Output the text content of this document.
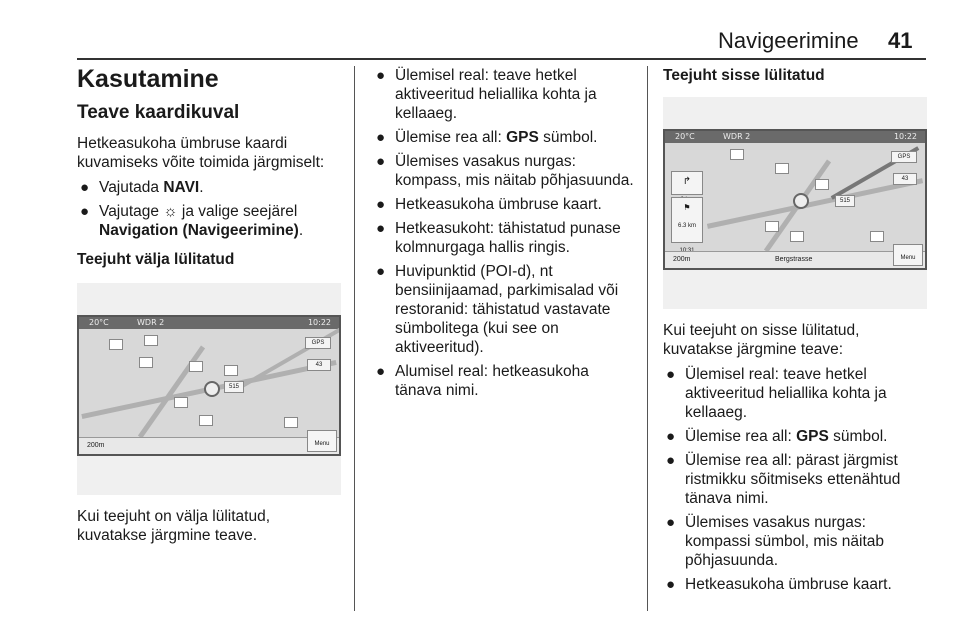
Navigeerimine 41
Kasutamine
Teave kaardikuval

Hetkeasukoha ümbruse kaardi kuvamiseks võite toimida järgmiselt:

● Vajutada NAVI.
● Vajutage ☼ ja valige seejärel Navigation (Navigeerimine).
Teejuht välja lülitatud
20°C	WDR 2	10:22
GPS
43
515
200m	Menu

Kui teejuht on välja lülitatud, kuvatakse järgmine teave.

● Ülemisel real: teave hetkel aktiveeritud heliallika kohta ja kellaaeg.
● Ülemise rea all: GPS sümbol.
● Ülemises vasakus nurgas: kompass, mis näitab põhjasuunda.
● Hetkeasukoha ümbruse kaart.
● Hetkeasukoht: tähistatud punase kolmnurgaga hallis ringis.
● Huvipunktid (POI-d), nt bensiinijaamad, parkimisalad või restoranid: tähistatud vastavate sümbolitega (kui see on aktiveeritud).
● Alumisel real: hetkeasukoha tänava nimi.
Teejuht sisse lülitatud
20°C	WDR 2	10:22
↱
⚑
6.3 km
GPS
43
515
200m	Bergstrasse	Menu

Kui teejuht on sisse lülitatud, kuvatakse järgmine teave:

● Ülemisel real: teave hetkel aktiveeritud heliallika kohta ja kellaaeg.
● Ülemise rea all: GPS sümbol.
● Ülemise rea all: pärast järgmist ristmikku sõitmiseks ettenähtud tänava nimi.
● Ülemises vasakus nurgas: kompassi sümbol, mis näitab põhjasuunda.
● Hetkeasukoha ümbruse kaart.
